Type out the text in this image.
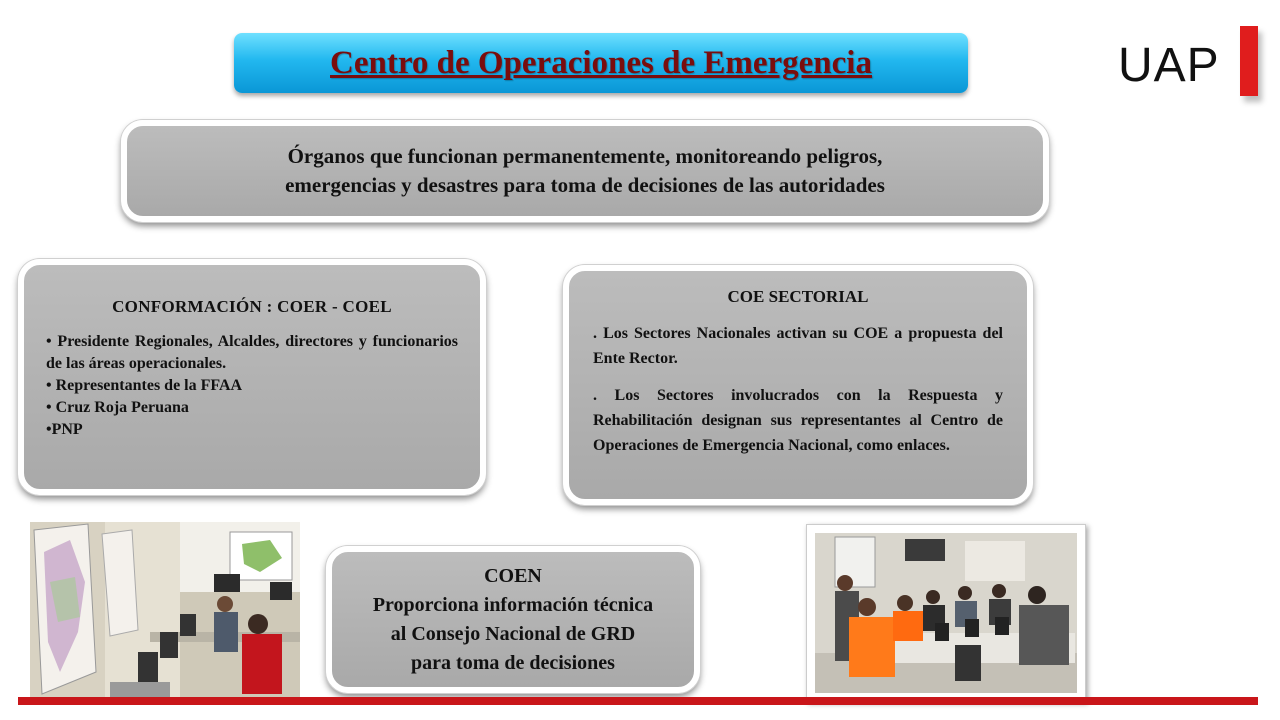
Centro de Operaciones de Emergencia	UAP

Órganos que funcionan permanentemente, monitoreando peligros,

emergencias y desastres para toma de decisiones de las autoridades

CONFORMACIÓN : COER - COEL
• Presidente Regionales, Alcaldes, directores y funcionarios de las áreas operacionales.
• Representantes de la FFAA
• Cruz Roja Peruana
•PNP
COE SECTORIAL

. Los Sectores Nacionales activan su COE a propuesta del Ente Rector.

. Los Sectores involucrados con la Respuesta y Rehabilitación designan sus representantes al Centro de Operaciones de Emergencia Nacional, como enlaces.

COEN
Proporciona información técnica
al Consejo Nacional de GRD
para toma de decisiones
